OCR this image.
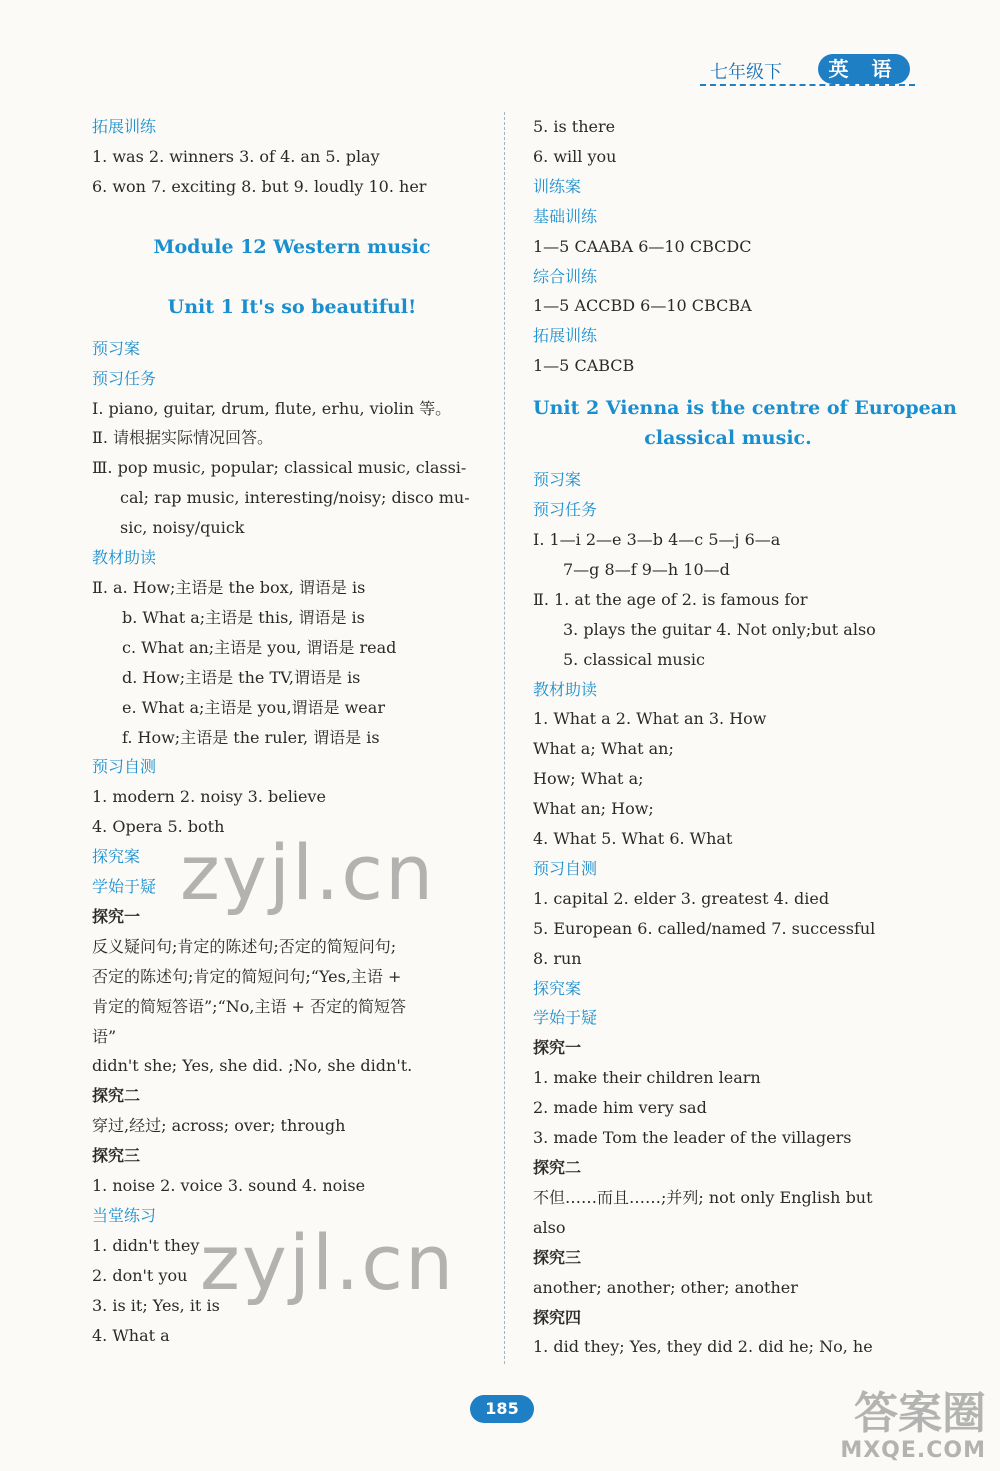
七年级下	英 语
拓展训练
1. was 2. winners 3. of 4. an 5. play
6. won 7. exciting 8. but 9. loudly 10. her
Module 12 Western music
Unit 1 It's so beautiful!
预习案
预习任务
Ⅰ. piano, guitar, drum, flute, erhu, violin 等。
Ⅱ. 请根据实际情况回答。
Ⅲ. pop music, popular; classical music, classi-
cal; rap music, interesting/noisy; disco mu-
sic, noisy/quick
教材助读
Ⅱ. a. How;主语是 the box, 谓语是 is
b. What a;主语是 this, 谓语是 is
c. What an;主语是 you, 谓语是 read
d. How;主语是 the TV,谓语是 is
e. What a;主语是 you,谓语是 wear
f. How;主语是 the ruler, 谓语是 is
预习自测
1. modern 2. noisy 3. believe
4. Opera 5. both
探究案
学始于疑
探究一
反义疑问句;肯定的陈述句;否定的简短问句;
否定的陈述句;肯定的简短问句;“Yes,主语 +
肯定的简短答语”;“No,主语 + 否定的简短答
语”
didn't she; Yes, she did. ;No, she didn't.
探究二
穿过,经过; across; over; through
探究三
1. noise 2. voice 3. sound 4. noise
当堂练习
1. didn't they
2. don't you
3. is it; Yes, it is
4. What a
5. is there
6. will you
训练案
基础训练
1—5 CAABA 6—10 CBCDC
综合训练
1—5 ACCBD 6—10 CBCBA
拓展训练
1—5 CABCB
Unit 2 Vienna is the centre of European
classical music.
预习案
预习任务
Ⅰ. 1—i 2—e 3—b 4—c 5—j 6—a
7—g 8—f 9—h 10—d
Ⅱ. 1. at the age of 2. is famous for
3. plays the guitar 4. Not only;but also
5. classical music
教材助读
1. What a 2. What an 3. How
What a; What an;
How; What a;
What an; How;
4. What 5. What 6. What
预习自测
1. capital 2. elder 3. greatest 4. died
5. European 6. called/named 7. successful
8. run
探究案
学始于疑
探究一
1. make their children learn
2. made him very sad
3. made Tom the leader of the villagers
探究二
不但……而且……;并列; not only English but
also
探究三
another; another; other; another
探究四
1. did they; Yes, they did 2. did he; No, he
zyjl.cn
zyjl.cn
185	答案圈
MXQE.COM
